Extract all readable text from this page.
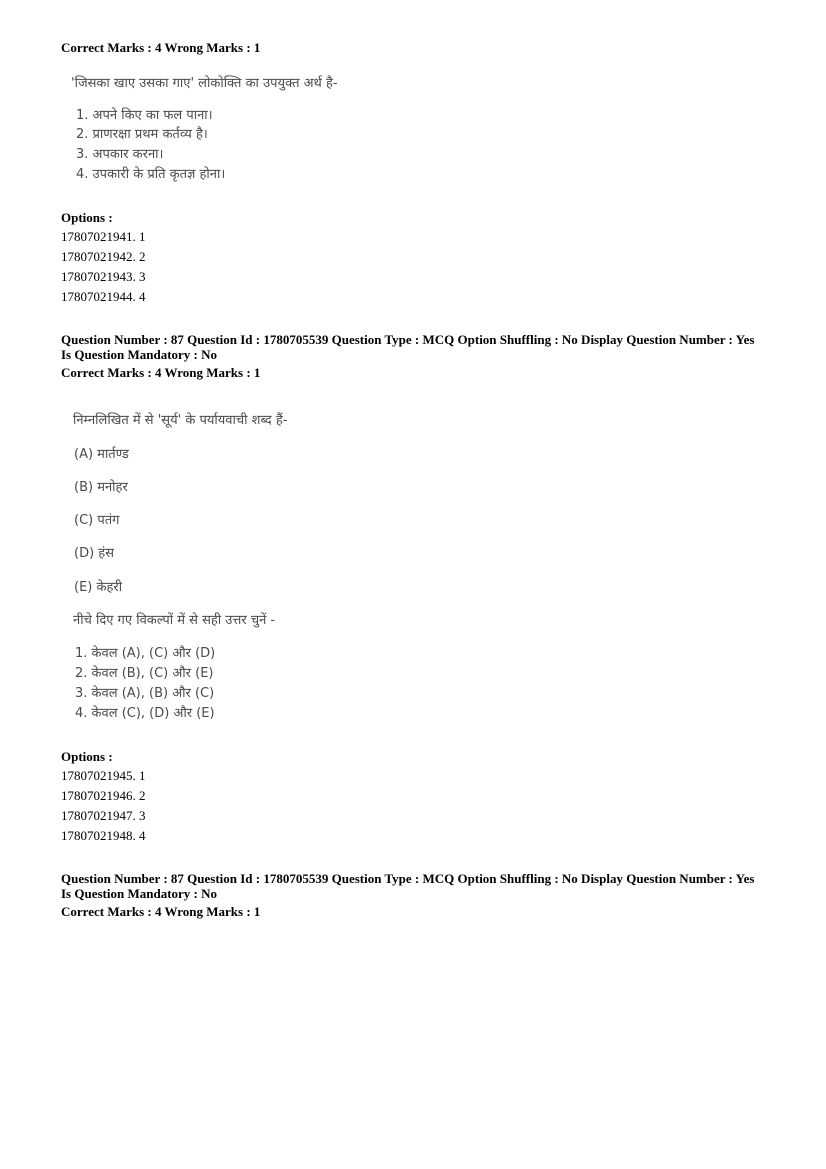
Correct Marks : 4 Wrong Marks : 1
'जिसका खाए उसका गाए' लोकोक्ति का उपयुक्त अर्थ है-
1. अपने किए का फल पाना।
2. प्राणरक्षा प्रथम कर्तव्य है।
3. अपकार करना।
4. उपकारी के प्रति कृतज्ञ होना।
Options :
17807021941. 1
17807021942. 2
17807021943. 3
17807021944. 4
Question Number : 87 Question Id : 1780705539 Question Type : MCQ Option Shuffling : No Display Question Number : Yes
Is Question Mandatory : No
Correct Marks : 4 Wrong Marks : 1
निम्नलिखित में से 'सूर्य' के पर्यायवाची शब्द हैं-
(A) मार्तण्ड
(B) मनोहर
(C) पतंग
(D) हंस
(E) केहरी
नीचे दिए गए विकल्पों में से सही उत्तर चुनें -
1. केवल (A), (C) और (D)
2. केवल (B), (C) और (E)
3. केवल (A), (B) और (C)
4. केवल (C), (D) और (E)
Options :
17807021945. 1
17807021946. 2
17807021947. 3
17807021948. 4
Question Number : 87 Question Id : 1780705539 Question Type : MCQ Option Shuffling : No Display Question Number : Yes
Is Question Mandatory : No
Correct Marks : 4 Wrong Marks : 1
